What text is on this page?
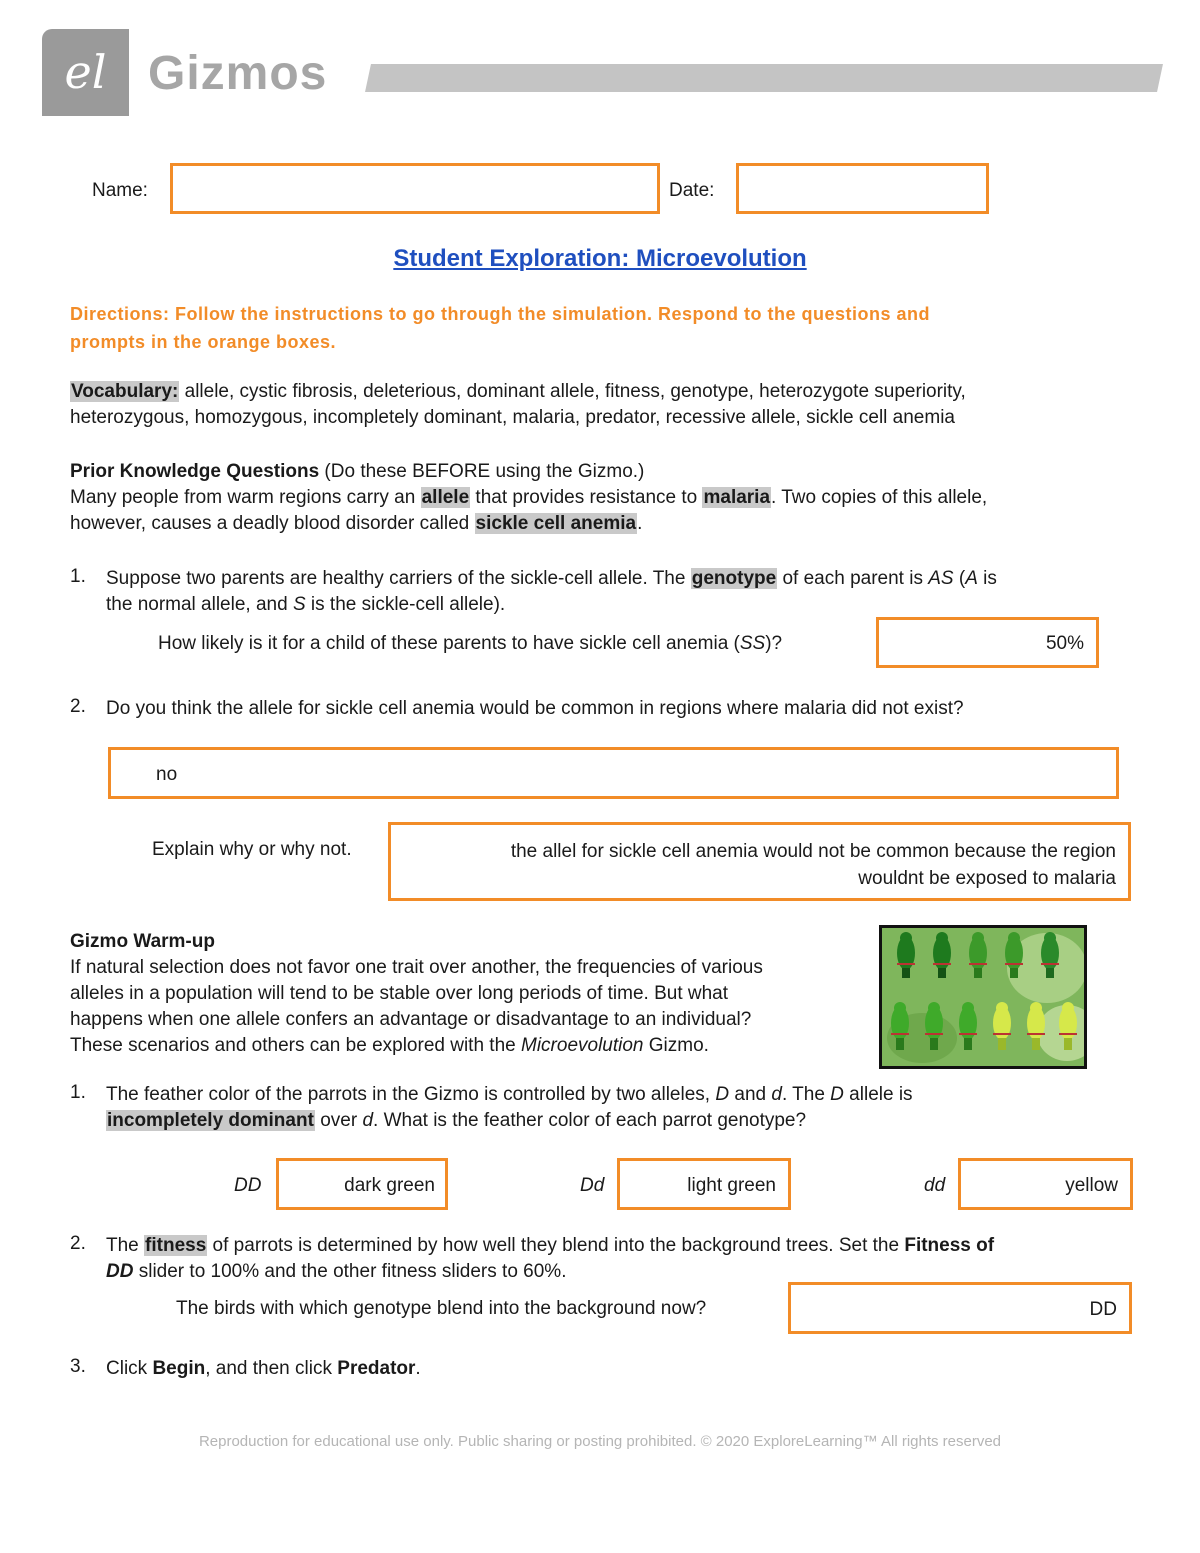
el Gizmos
Name:	Date:
Student Exploration: Microevolution
Directions: Follow the instructions to go through the simulation. Respond to the questions and
prompts in the orange boxes.
Vocabulary: allele, cystic fibrosis, deleterious, dominant allele, fitness, genotype, heterozygote superiority,
heterozygous, homozygous, incompletely dominant, malaria, predator, recessive allele, sickle cell anemia
Prior Knowledge Questions (Do these BEFORE using the Gizmo.)
Many people from warm regions carry an allele that provides resistance to malaria. Two copies of this allele,
however, causes a deadly blood disorder called sickle cell anemia.
1. Suppose two parents are healthy carriers of the sickle-cell allele. The genotype of each parent is AS (A is
the normal allele, and S is the sickle-cell allele).
How likely is it for a child of these parents to have sickle cell anemia (SS)?	50%
2. Do you think the allele for sickle cell anemia would be common in regions where malaria did not exist?
no
Explain why or why not.	the allel for sickle cell anemia would not be common because the region
wouldnt be exposed to malaria
Gizmo Warm-up
If natural selection does not favor one trait over another, the frequencies of various
alleles in a population will tend to be stable over long periods of time. But what
happens when one allele confers an advantage or disadvantage to an individual?
These scenarios and others can be explored with the Microevolution Gizmo.
1. The feather color of the parrots in the Gizmo is controlled by two alleles, D and d. The D allele is
incompletely dominant over d. What is the feather color of each parrot genotype?
DD	dark green	Dd	light green	dd	yellow
2. The fitness of parrots is determined by how well they blend into the background trees. Set the Fitness of
DD slider to 100% and the other fitness sliders to 60%.
The birds with which genotype blend into the background now?	DD
3. Click Begin, and then click Predator.
Reproduction for educational use only. Public sharing or posting prohibited. © 2020 ExploreLearning™ All rights reserved
